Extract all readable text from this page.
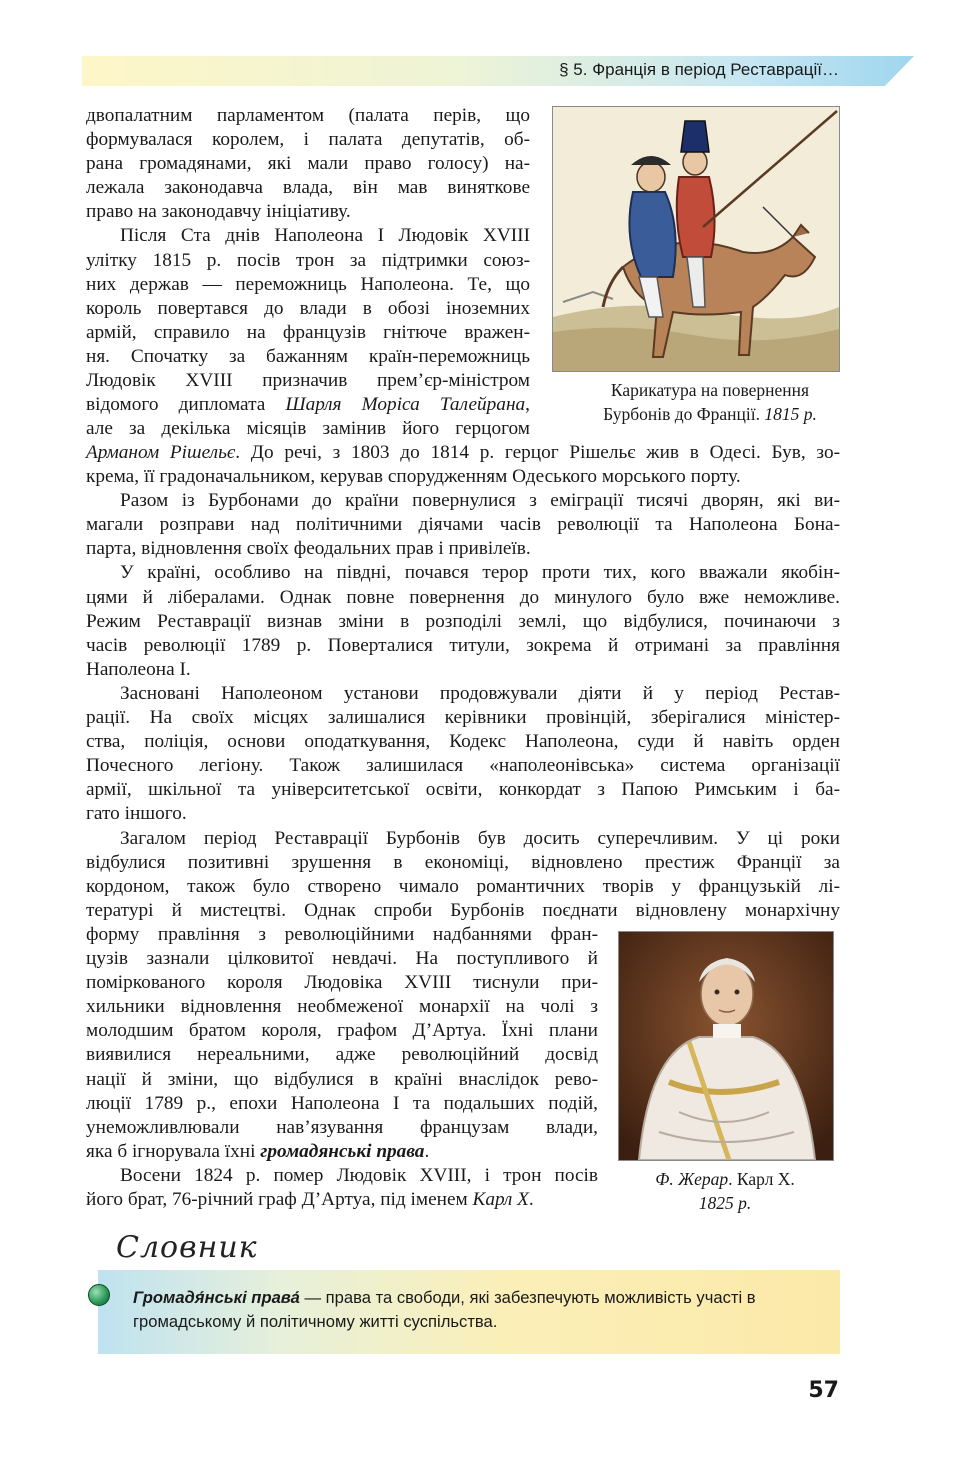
§ 5. Франція в період Реставрації…
двопалатним парламентом (палата перів, що
формувалася королем, і палата депутатів, об-
рана громадянами, які мали право голосу) на-
лежала законодавча влада, він мав виняткове
право на законодавчу ініціативу.
Після Ста днів Наполеона І Людовік XVIII
улітку 1815 р. посів трон за підтримки союз-
них держав — переможниць Наполеона. Те, що
король повертався до влади в обозі іноземних
армій, справило на французів гнітюче вражен-
ня. Спочатку за бажанням країн-переможниць
Людовік XVIII призначив прем’єр-міністром
відомого дипломата Шарля Моріса Талейрана,
але за декілька місяців замінив його герцогом
Арманом Рішельє. До речі, з 1803 до 1814 р. герцог Рішельє жив в Одесі. Був, зо-
крема, її градоначальником, керував спорудженням Одеського морського порту.
Разом із Бурбонами до країни повернулися з еміграції тисячі дворян, які ви-
магали розправи над політичними діячами часів революції та Наполеона Бона-
парта, відновлення своїх феодальних прав і привілеїв.
У країні, особливо на півдні, почався терор проти тих, кого вважали якобін-
цями й лібералами. Однак повне повернення до минулого було вже неможливе.
Режим Реставрації визнав зміни в розподілі землі, що відбулися, починаючи з
часів революції 1789 р. Поверталися титули, зокрема й отримані за правління
Наполеона І.
Засновані Наполеоном установи продовжували діяти й у період Рестав-
рації. На своїх місцях залишалися керівники провінцій, зберігалися міністер-
ства, поліція, основи оподаткування, Кодекс Наполеона, суди й навіть орден
Почесного легіону. Також залишилася «наполеонівська» система організації
армії, шкільної та університетської освіти, конкордат з Папою Римським і ба-
гато іншого.
Загалом період Реставрації Бурбонів був досить суперечливим. У ці роки
відбулися позитивні зрушення в економіці, відновлено престиж Франції за
кордоном, також було створено чимало романтичних творів у французькій лі-
тературі й мистецтві. Однак спроби Бурбонів поєднати відновлену монархічну
форму правління з революційними надбаннями фран-
цузів зазнали цілковитої невдачі. На поступливого й
поміркованого короля Людовіка XVIII тиснули при-
хильники відновлення необмеженої монархії на чолі з
молодшим братом короля, графом Д’Артуа. Їхні плани
виявилися нереальними, адже революційний досвід
нації й зміни, що відбулися в країні внаслідок рево-
люції 1789 р., епохи Наполеона І та подальших подій,
унеможливлювали нав’язування французам влади,
яка б ігнорувала їхні громадянські права.
Восени 1824 р. помер Людовік XVIII, і трон посів
його брат, 76-річний граф Д’Артуа, під іменем Карл X.
Карикатура на повернення
Бурбонів до Франції. 1815 р.
Ф. Жерар. Карл X.
1825 р.
Словник
Громадя́нські права́ — права та свободи, які забезпечують можливість участі в громадському й політичному житті суспільства.
57
